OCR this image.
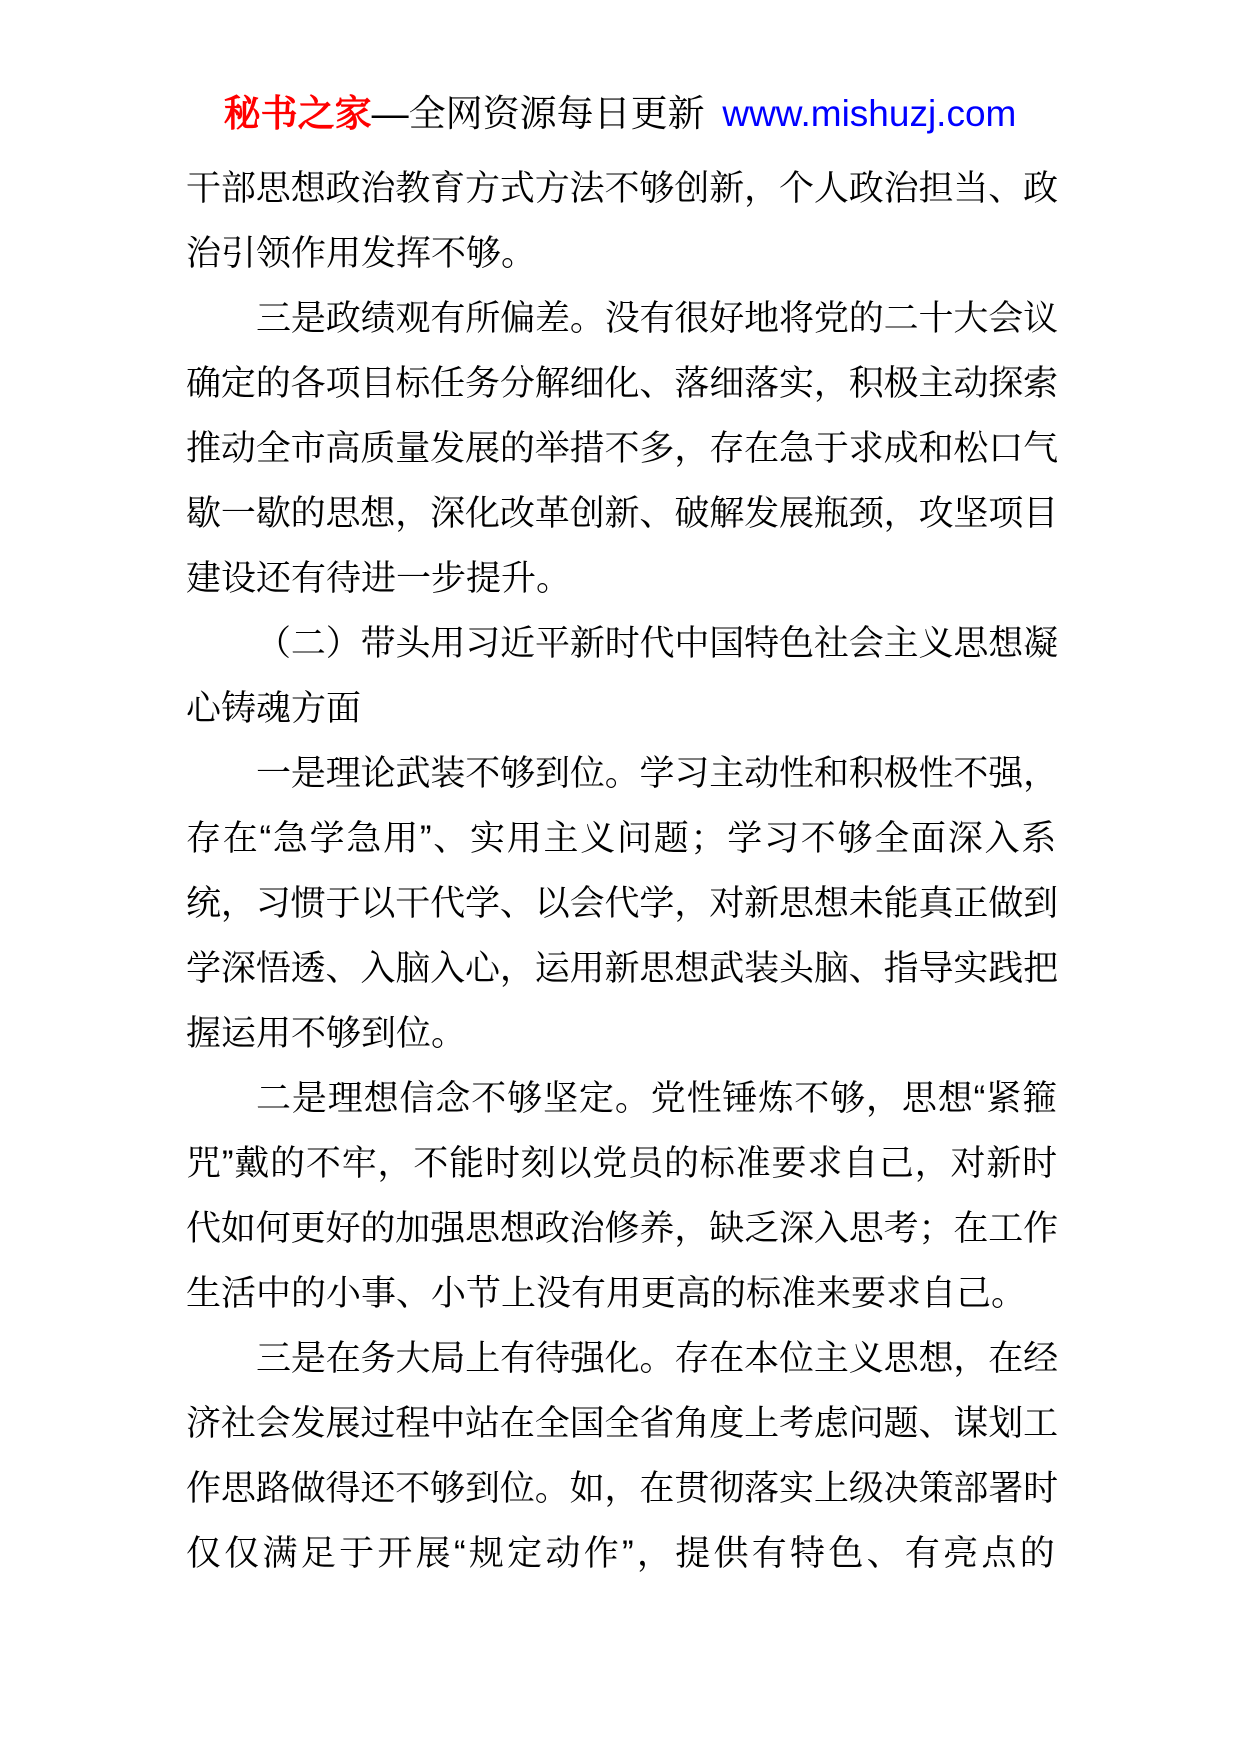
秘书之家—全网资源每日更新  www.mishuzj.com
干部思想政治教育方式方法不够创新，个人政治担当、政
治引领作用发挥不够。
三是政绩观有所偏差。没有很好地将党的二十大会议
确定的各项目标任务分解细化、落细落实，积极主动探索
推动全市高质量发展的举措不多，存在急于求成和松口气
歇一歇的思想，深化改革创新、破解发展瓶颈，攻坚项目
建设还有待进一步提升。
（二）带头用习近平新时代中国特色社会主义思想凝
心铸魂方面
一是理论武装不够到位。学习主动性和积极性不强，
存在“急学急用”、实用主义问题；学习不够全面深入系
统，习惯于以干代学、以会代学，对新思想未能真正做到
学深悟透、入脑入心，运用新思想武装头脑、指导实践把
握运用不够到位。
二是理想信念不够坚定。党性锤炼不够，思想“紧箍
咒”戴的不牢，不能时刻以党员的标准要求自己，对新时
代如何更好的加强思想政治修养，缺乏深入思考；在工作
生活中的小事、小节上没有用更高的标准来要求自己。
三是在务大局上有待强化。存在本位主义思想，在经
济社会发展过程中站在全国全省角度上考虑问题、谋划工
作思路做得还不够到位。如，在贯彻落实上级决策部署时
仅仅满足于开展“规定动作”，提供有特色、有亮点的
